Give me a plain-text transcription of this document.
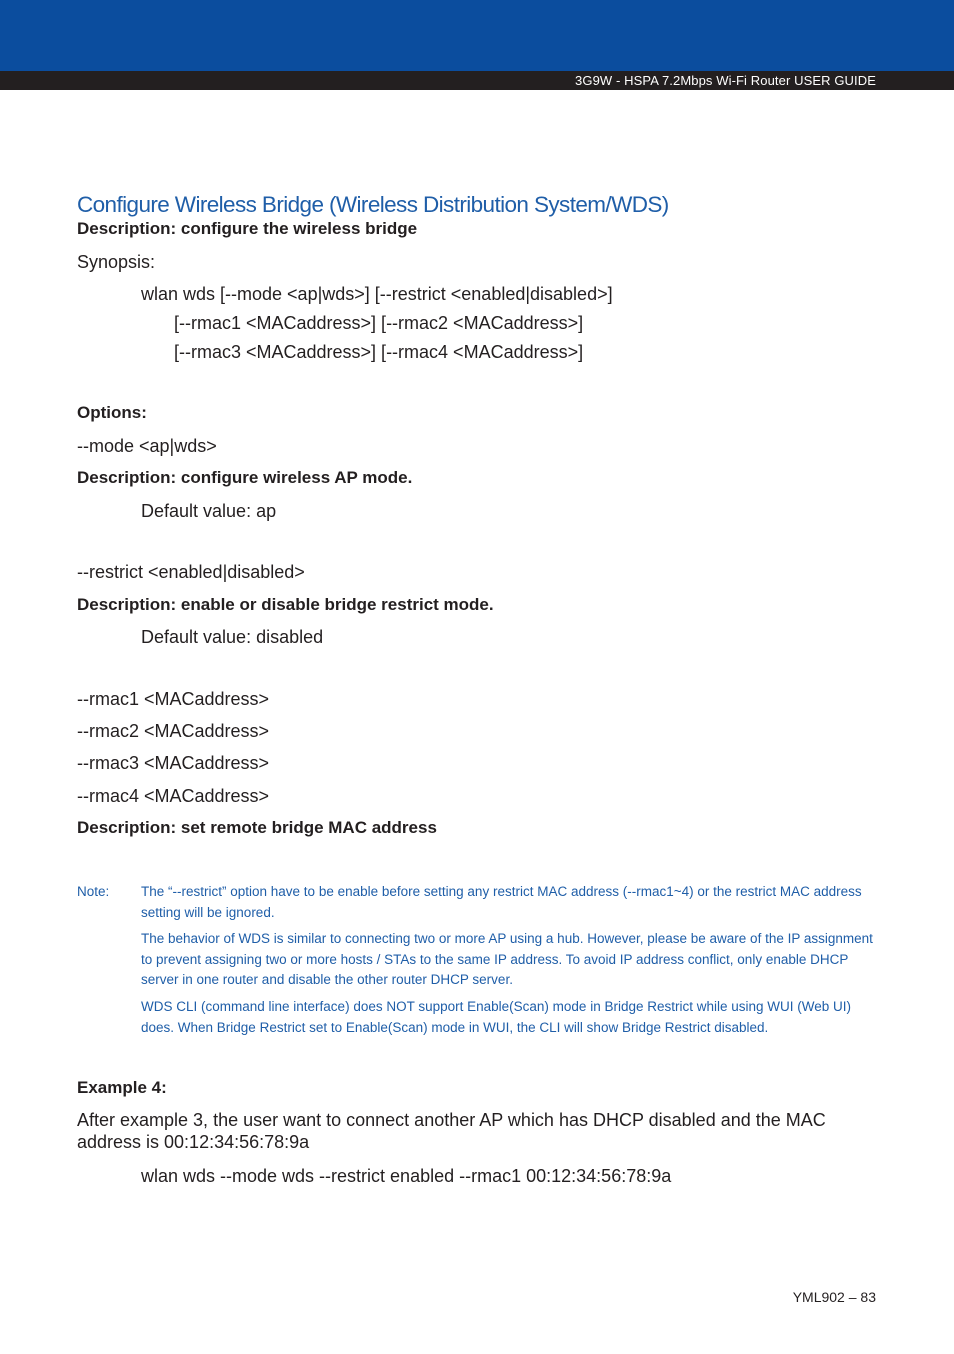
3G9W - HSPA 7.2Mbps Wi-Fi Router USER GUIDE
Configure Wireless Bridge (Wireless Distribution System/WDS)
Description: configure the wireless bridge
Synopsis:
wlan wds [--mode <ap|wds>] [--restrict <enabled|disabled>]
[--rmac1 <MACaddress>] [--rmac2 <MACaddress>]
[--rmac3 <MACaddress>] [--rmac4 <MACaddress>]
Options:
--mode <ap|wds>
Description: configure wireless AP mode.
Default value: ap
--restrict <enabled|disabled>
Description: enable or disable bridge restrict mode.
Default value: disabled
--rmac1 <MACaddress>
--rmac2 <MACaddress>
--rmac3 <MACaddress>
--rmac4 <MACaddress>
Description: set remote bridge MAC address
Note: The “--restrict” option have to be enable before setting any restrict MAC address (--rmac1~4) or the restrict MAC address setting will be ignored.
The behavior of WDS is similar to connecting two or more AP using a hub. However, please be aware of the IP assignment to prevent assigning two or more hosts / STAs to the same IP address. To avoid IP address conflict, only enable DHCP server in one router and disable the other router DHCP server.
WDS CLI (command line interface) does NOT support Enable(Scan) mode in Bridge Restrict while using WUI (Web UI) does. When Bridge Restrict set to Enable(Scan) mode in WUI, the CLI will show Bridge Restrict disabled.
Example 4:
After example 3, the user want to connect another AP which has DHCP disabled and the MAC address is 00:12:34:56:78:9a
wlan wds --mode wds --restrict enabled --rmac1 00:12:34:56:78:9a
YML902 – 83
